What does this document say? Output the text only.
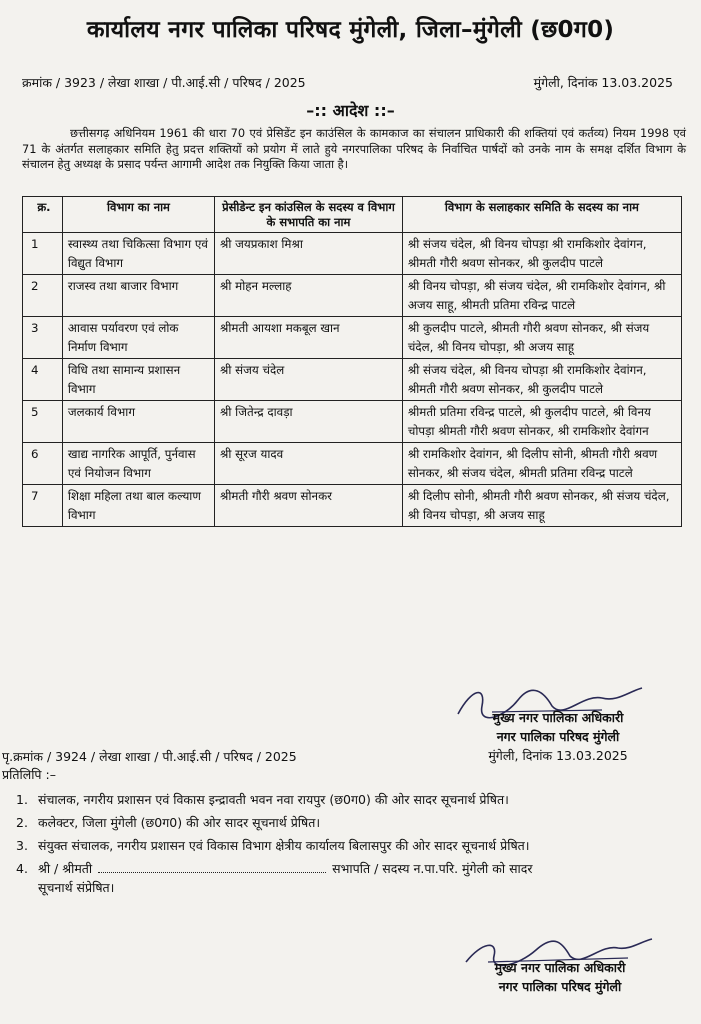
कार्यालय नगर पालिका परिषद मुंगेली, जिला–मुंगेली (छ0ग0)
क्रमांक / 3923 / लेखा शाखा / पी.आई.सी / परिषद / 2025	मुंगेली, दिनांक 13.03.2025
–:: आदेश ::–
छत्तीसगढ़ अधिनियम 1961 की धारा 70 एवं प्रेसिडेंट इन काउंसिल के कामकाज का संचालन प्राधिकारी की शक्तियां एवं कर्तव्य) नियम 1998 एवं 71 के अंतर्गत सलाहकार समिति हेतु प्रदत्त शक्तियों को प्रयोग में लाते हुये नगरपालिका परिषद के निर्वाचित पार्षदों को उनके नाम के समक्ष दर्शित विभाग के संचालन हेतु अध्यक्ष के प्रसाद पर्यन्त आगामी आदेश तक नियुक्ति किया जाता है।
क्र.	विभाग का नाम	प्रेसीडेन्ट इन कांउसिल के सदस्य व विभाग के सभापति का नाम	विभाग के सलाहकार समिति के सदस्य का नाम
1	स्वास्थ्य तथा चिकित्सा विभाग एवं विद्युत विभाग	श्री जयप्रकाश मिश्रा	श्री संजय चंदेल, श्री विनय चोपड़ा श्री रामकिशोर देवांगन, श्रीमती गौरी श्रवण सोनकर, श्री कुलदीप पाटले
2	राजस्व तथा बाजार विभाग	श्री मोहन मल्लाह	श्री विनय चोपड़ा, श्री संजय चंदेल, श्री रामकिशोर देवांगन, श्री अजय साहू, श्रीमती प्रतिमा रविन्द्र पाटले
3	आवास पर्यावरण एवं लोक निर्माण विभाग	श्रीमती आयशा मकबूल खान	श्री कुलदीप पाटले, श्रीमती गौरी श्रवण सोनकर, श्री संजय चंदेल, श्री विनय चोपड़ा, श्री अजय साहू
4	विधि तथा सामान्य प्रशासन विभाग	श्री संजय चंदेल	श्री संजय चंदेल, श्री विनय चोपड़ा श्री रामकिशोर देवांगन, श्रीमती गौरी श्रवण सोनकर, श्री कुलदीप पाटले
5	जलकार्य विभाग	श्री जितेन्द्र दावड़ा	श्रीमती प्रतिमा रविन्द्र पाटले, श्री कुलदीप पाटले, श्री विनय चोपड़ा श्रीमती गौरी श्रवण सोनकर, श्री रामकिशोर देवांगन
6	खाद्य नागरिक आपूर्ति, पुर्नवास एवं नियोजन विभाग	श्री सूरज यादव	श्री रामकिशोर देवांगन, श्री दिलीप सोनी, श्रीमती गौरी श्रवण सोनकर, श्री संजय चंदेल, श्रीमती प्रतिमा रविन्द्र पाटले
7	शिक्षा महिला तथा बाल कल्याण विभाग	श्रीमती गौरी श्रवण सोनकर	श्री दिलीप सोनी, श्रीमती गौरी श्रवण सोनकर, श्री संजय चंदेल, श्री विनय चोपड़ा, श्री अजय साहू
मुख्य नगर पालिका अधिकारी
नगर पालिका परिषद मुंगेली
मुंगेली, दिनांक 13.03.2025
पृ.क्रमांक / 3924 / लेखा शाखा / पी.आई.सी / परिषद / 2025
प्रतिलिपि :–
1. संचालक, नगरीय प्रशासन एवं विकास इन्द्रावती भवन नवा रायपुर (छ0ग0) की ओर सादर सूचनार्थ प्रेषित।
2. कलेक्टर, जिला मुंगेली (छ0ग0) की ओर सादर सूचनार्थ प्रेषित।
3. संयुक्त संचालक, नगरीय प्रशासन एवं विकास विभाग क्षेत्रीय कार्यालय बिलासपुर की ओर सादर सूचनार्थ प्रेषित।
4. श्री / श्रीमती	सभापति / सदस्य न.पा.परि. मुंगेली को सादर
सूचनार्थ संप्रेषित।
मुख्य नगर पालिका अधिकारी
नगर पालिका परिषद मुंगेली
